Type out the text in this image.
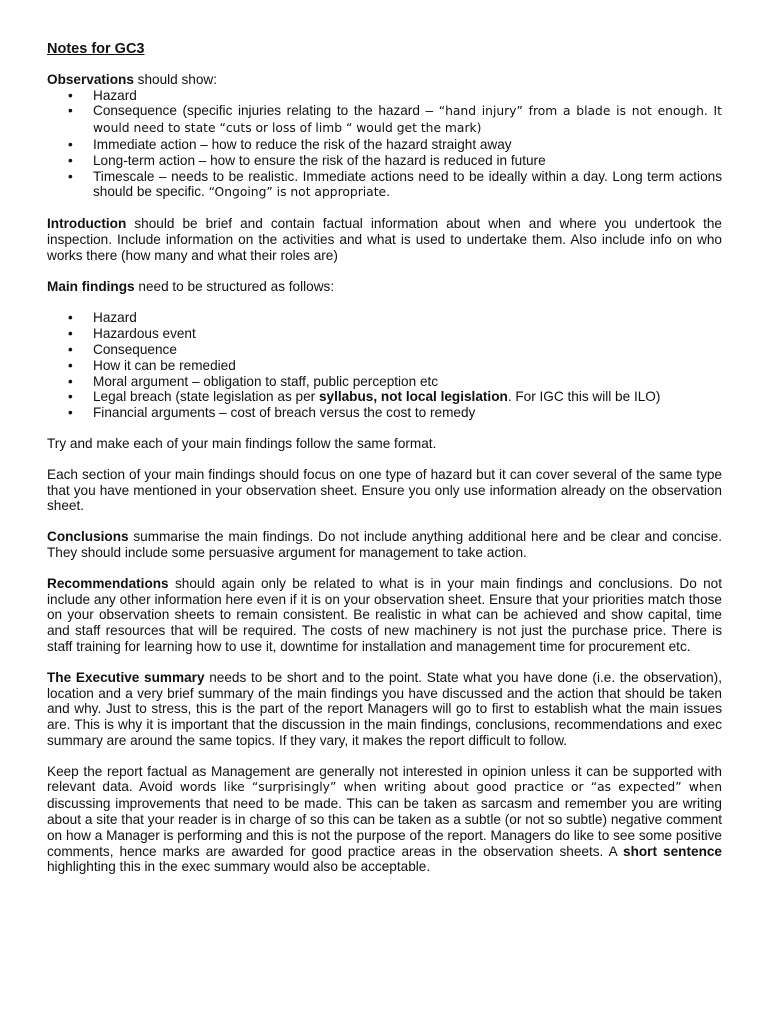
Notes for GC3

Observations should show:

• Hazard
• Consequence (specific injuries relating to the hazard – “hand injury” from a blade is not enough. It would need to state “cuts or loss of limb “ would get the mark)
• Immediate action – how to reduce the risk of the hazard straight away
• Long-term action – how to ensure the risk of the hazard is reduced in future
• Timescale – needs to be realistic. Immediate actions need to be ideally within a day. Long term actions should be specific. “Ongoing” is not appropriate.

Introduction should be brief and contain factual information about when and where you undertook the inspection. Include information on the activities and what is used to undertake them. Also include info on who works there (how many and what their roles are)

Main findings need to be structured as follows:

• Hazard
• Hazardous event
• Consequence
• How it can be remedied
• Moral argument – obligation to staff, public perception etc
• Legal breach (state legislation as per syllabus, not local legislation. For IGC this will be ILO)
• Financial arguments – cost of breach versus the cost to remedy

Try and make each of your main findings follow the same format.

Each section of your main findings should focus on one type of hazard but it can cover several of the same type that you have mentioned in your observation sheet. Ensure you only use information already on the observation sheet.

Conclusions summarise the main findings. Do not include anything additional here and be clear and concise. They should include some persuasive argument for management to take action.

Recommendations should again only be related to what is in your main findings and conclusions. Do not include any other information here even if it is on your observation sheet. Ensure that your priorities match those on your observation sheets to remain consistent. Be realistic in what can be achieved and show capital, time and staff resources that will be required. The costs of new machinery is not just the purchase price. There is staff training for learning how to use it, downtime for installation and management time for procurement etc.

The Executive summary needs to be short and to the point. State what you have done (i.e. the observation), location and a very brief summary of the main findings you have discussed and the action that should be taken and why. Just to stress, this is the part of the report Managers will go to first to establish what the main issues are. This is why it is important that the discussion in the main findings, conclusions, recommendations and exec summary are around the same topics. If they vary, it makes the report difficult to follow.

Keep the report factual as Management are generally not interested in opinion unless it can be supported with relevant data. Avoid words like “surprisingly” when writing about good practice or “as expected” when discussing improvements that need to be made. This can be taken as sarcasm and remember you are writing about a site that your reader is in charge of so this can be taken as a subtle (or not so subtle) negative comment on how a Manager is performing and this is not the purpose of the report. Managers do like to see some positive comments, hence marks are awarded for good practice areas in the observation sheets. A short sentence highlighting this in the exec summary would also be acceptable.
